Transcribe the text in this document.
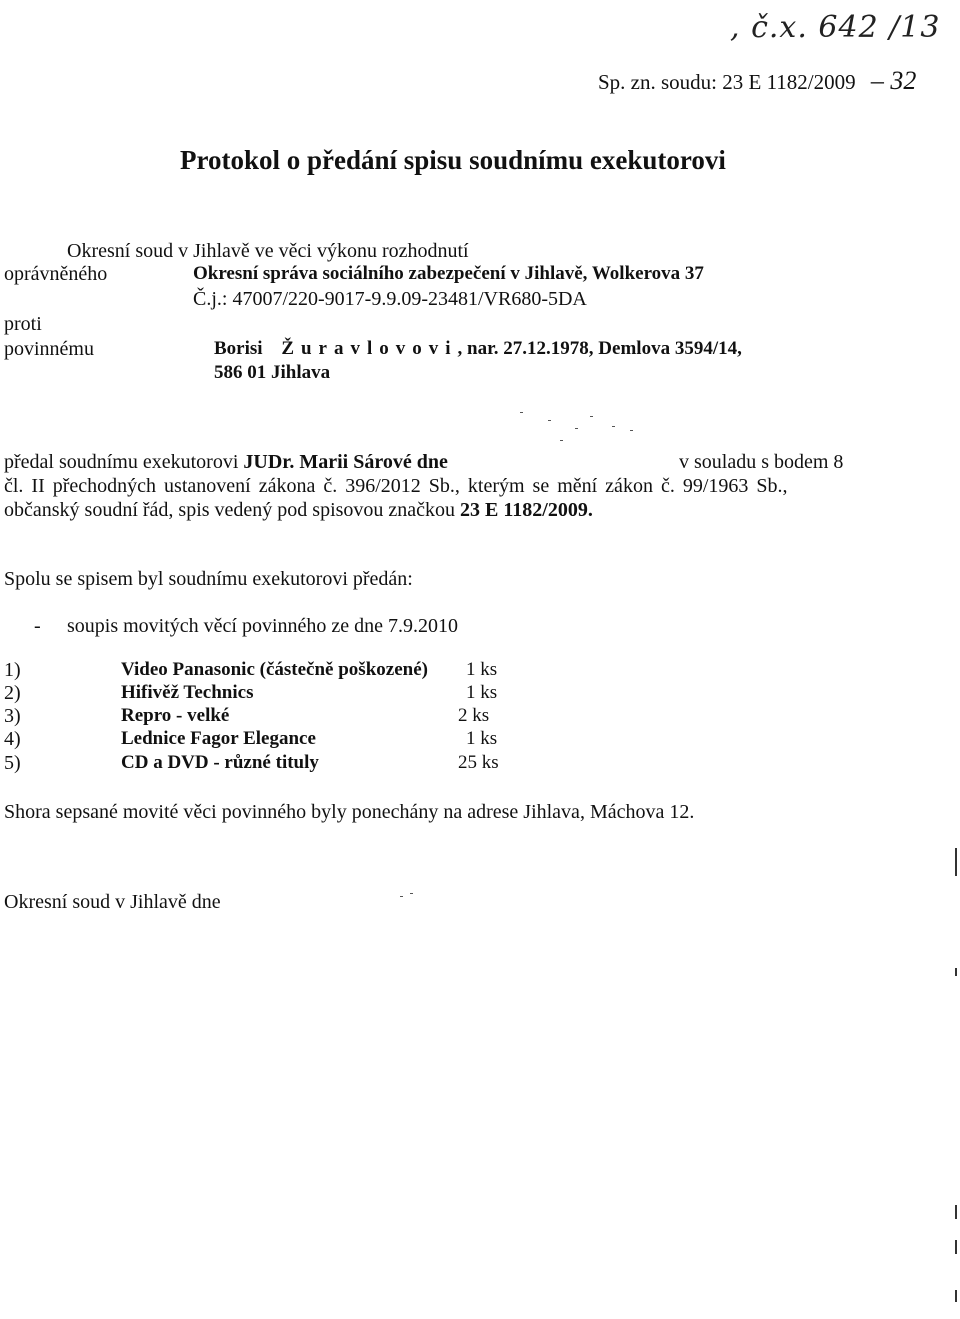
, č.x. 642 /13
Sp. zn. soudu: 23 E 1182/2009 – 32
Protokol o předání spisu soudnímu exekutorovi
Okresní soud v Jihlavě ve věci výkonu rozhodnutí
oprávněného	Okresní správa sociálního zabezpečení v Jihlavě, Wolkerova 37
Č.j.: 47007/220-9017-9.9.09-23481/VR680-5DA
proti
povinnému	Borisi Žuravlovovi, nar. 27.12.1978, Demlova 3594/14,
586 01 Jihlava
předal soudnímu exekutorovi JUDr. Marii Sárové dne	v souladu s bodem 8
čl. II přechodných ustanovení zákona č. 396/2012 Sb., kterým se mění zákon č. 99/1963 Sb.,
občanský soudní řád, spis vedený pod spisovou značkou 23 E 1182/2009.
Spolu se spisem byl soudnímu exekutorovi předán:
- soupis movitých věcí povinného ze dne 7.9.2010
1)	Video Panasonic (částečně poškozené) 1 ks
2)	Hifivěž Technics	1 ks
3)	Repro - velké	2 ks
4)	Lednice Fagor Elegance	1 ks
5)	CD a DVD - různé tituly	25 ks
Shora sepsané movité věci povinného byly ponechány na adrese Jihlava, Máchova 12.
Okresní soud v Jihlavě dne
